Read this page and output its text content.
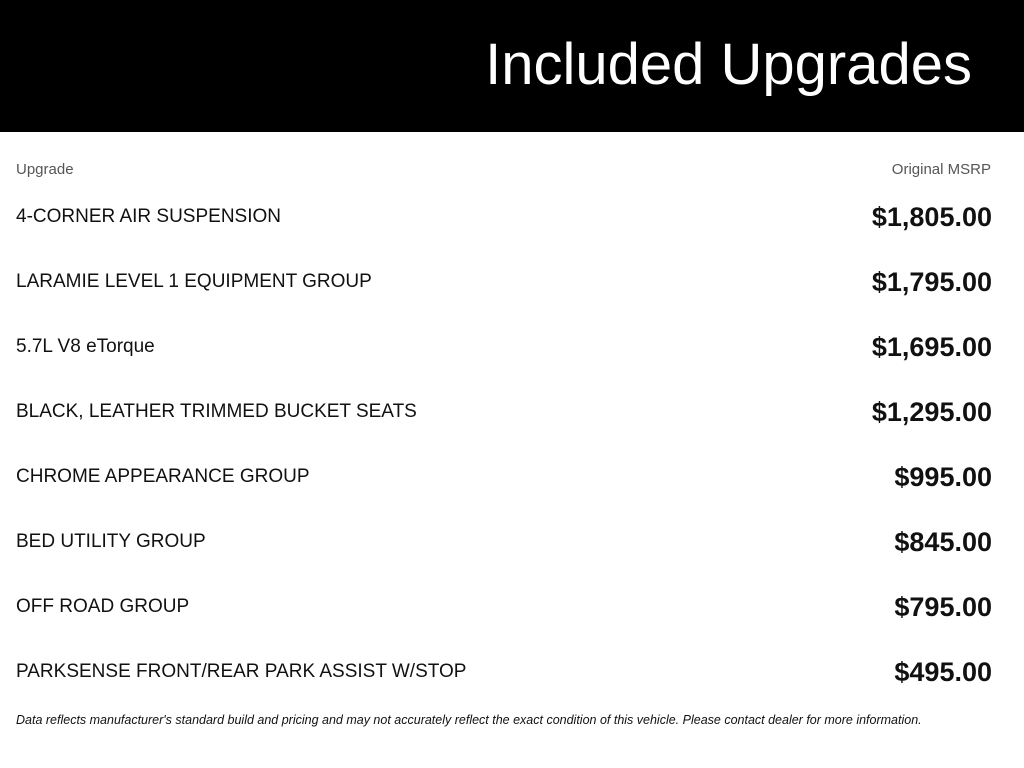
Included Upgrades
Upgrade	Original MSRP
4-CORNER AIR SUSPENSION	$1,805.00
LARAMIE LEVEL 1 EQUIPMENT GROUP	$1,795.00
5.7L V8 eTorque	$1,695.00
BLACK, LEATHER TRIMMED BUCKET SEATS	$1,295.00
CHROME APPEARANCE GROUP	$995.00
BED UTILITY GROUP	$845.00
OFF ROAD GROUP	$795.00
PARKSENSE FRONT/REAR PARK ASSIST W/STOP	$495.00
Data reflects manufacturer's standard build and pricing and may not accurately reflect the exact condition of this vehicle. Please contact dealer for more information.
